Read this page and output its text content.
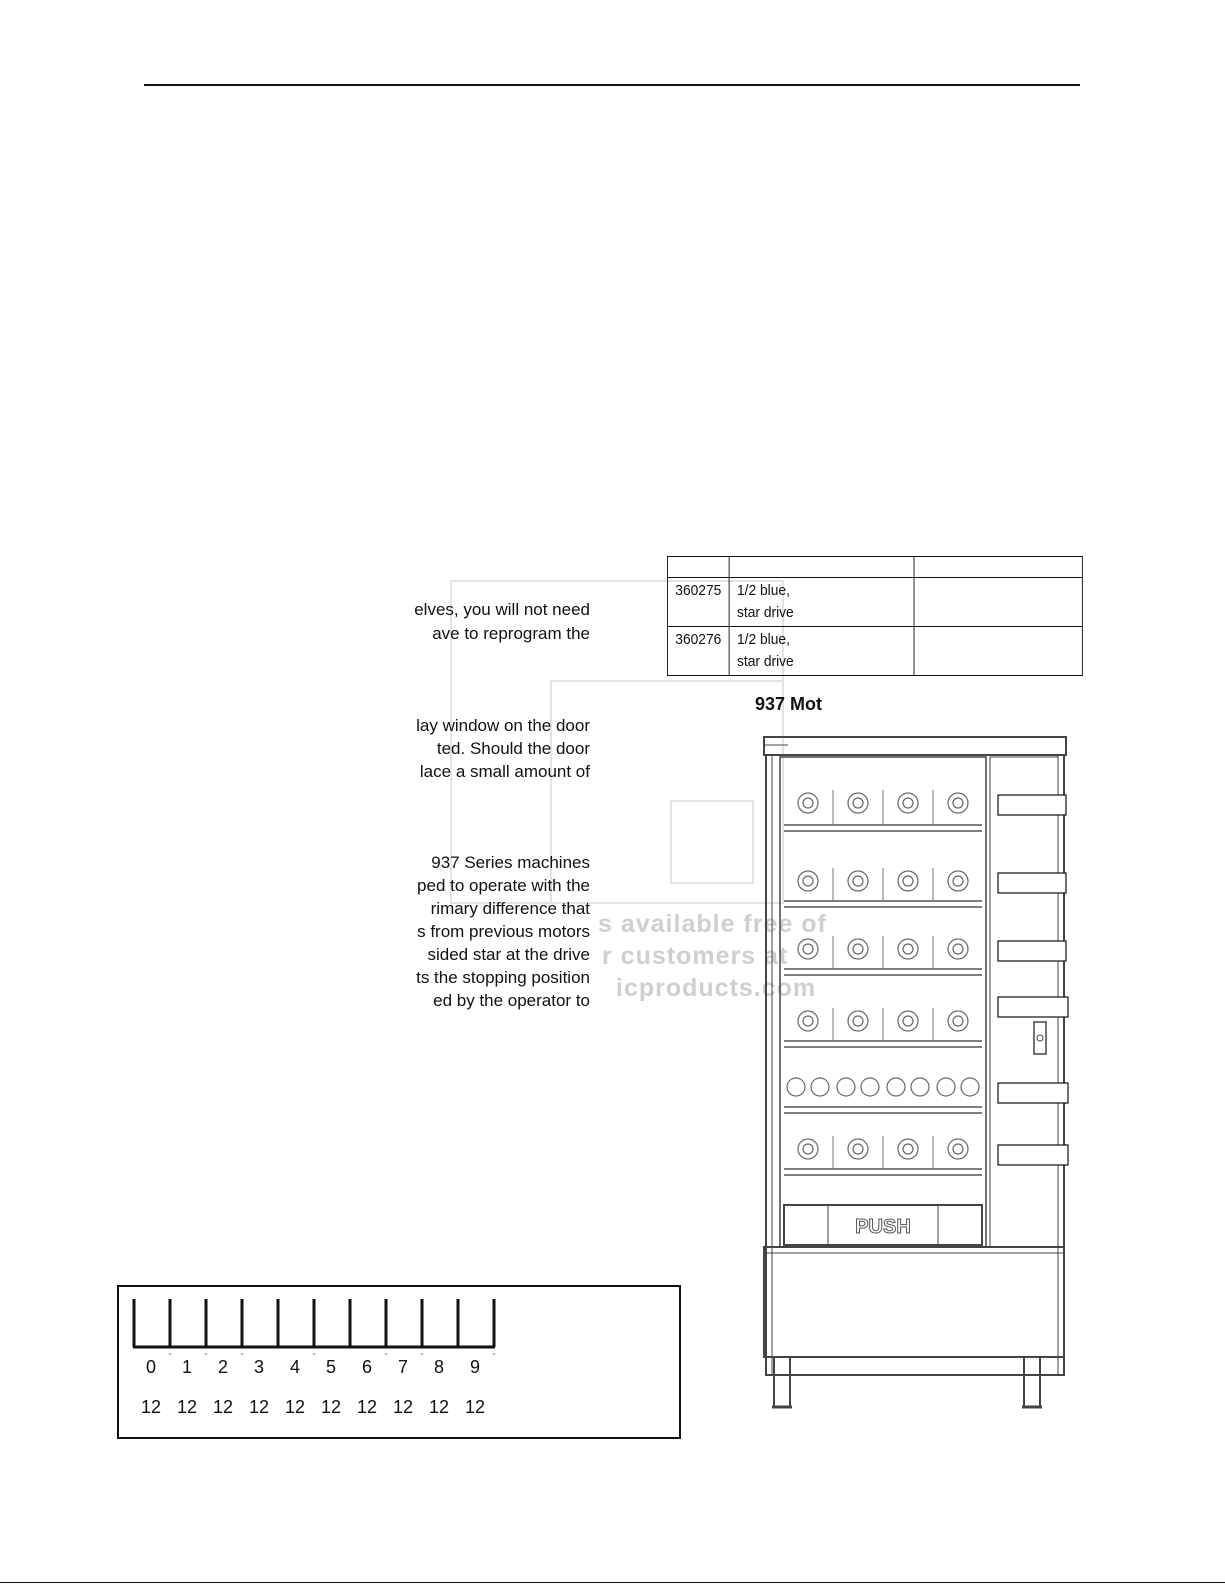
s available free of
r customers at
icproducts.com
elves, you will not need
ave to reprogram the
lay window on the door
ted. Should the door
lace a small amount of
937 Series machines
ped to operate with the
rimary difference that
s from previous motors
sided star at the drive
ts the stopping position
ed by the operator to

360275	1/2 blue,
star drive	

360276	1/2 blue,
star drive	

937 Mot
PUSH
0	1	2	3	4	5	6	7	8	9
12 12 12 12 12 12 12 12 12 12
